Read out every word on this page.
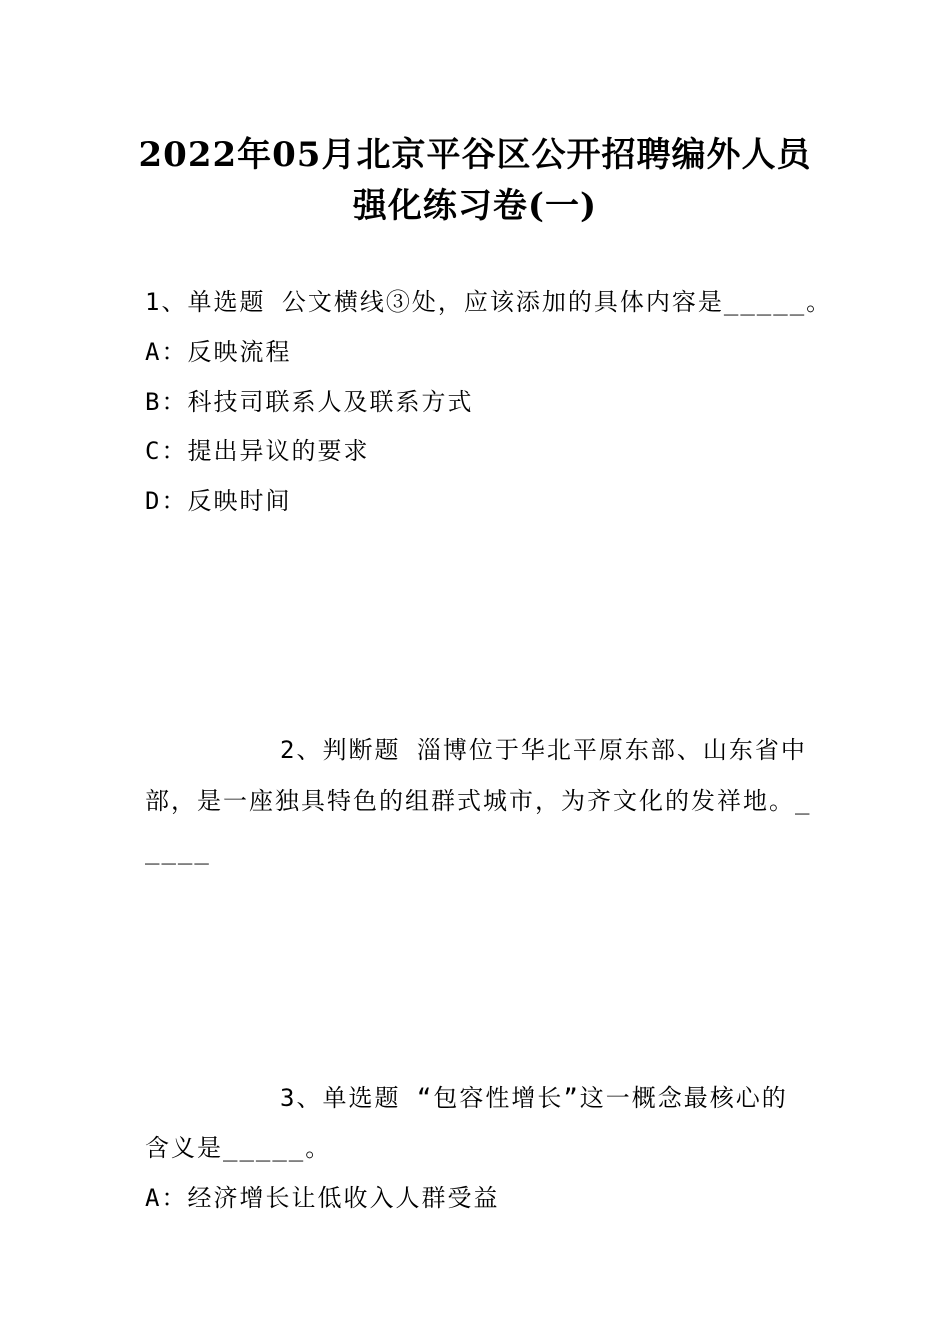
2022年05月北京平谷区公开招聘编外人员
强化练习卷(一)
1、单选题 公文横线③处，应该添加的具体内容是_____。
A：反映流程
B：科技司联系人及联系方式
C：提出异议的要求
D：反映时间
2、判断题 淄博位于华北平原东部、山东省中
部，是一座独具特色的组群式城市，为齐文化的发祥地。_
____
3、单选题 “包容性增长”这一概念最核心的
含义是_____。
A：经济增长让低收入人群受益
